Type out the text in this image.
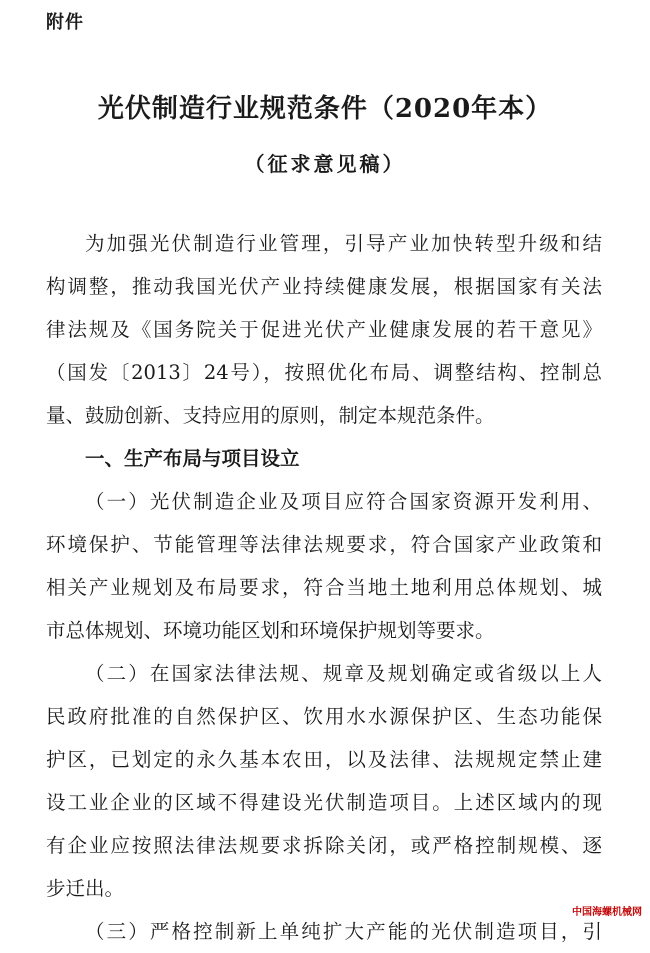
附件
光伏制造行业规范条件（2020年本）
（征求意见稿）
为加强光伏制造行业管理，引导产业加快转型升级和结
构调整，推动我国光伏产业持续健康发展，根据国家有关法
律法规及《国务院关于促进光伏产业健康发展的若干意见》
（国发〔2013〕24号），按照优化布局、调整结构、控制总
量、鼓励创新、支持应用的原则，制定本规范条件。
一、生产布局与项目设立
（一）光伏制造企业及项目应符合国家资源开发利用、
环境保护、节能管理等法律法规要求，符合国家产业政策和
相关产业规划及布局要求，符合当地土地利用总体规划、城
市总体规划、环境功能区划和环境保护规划等要求。
（二）在国家法律法规、规章及规划确定或省级以上人
民政府批准的自然保护区、饮用水水源保护区、生态功能保
护区，已划定的永久基本农田，以及法律、法规规定禁止建
设工业企业的区域不得建设光伏制造项目。上述区域内的现
有企业应按照法律法规要求拆除关闭，或严格控制规模、逐
步迁出。
（三）严格控制新上单纯扩大产能的光伏制造项目，引
中国海螺机械网
